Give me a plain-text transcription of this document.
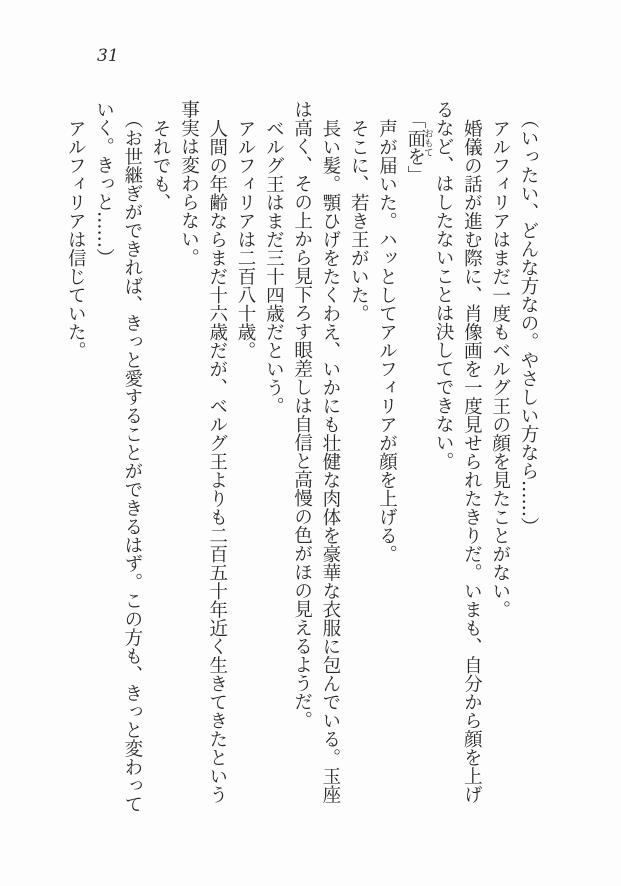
31

（いったい、どんな方なの。やさしい方なら……）

アルフィリアはまだ一度もベルグ王の顔を見たことがない。

婚儀の話が進む際に、肖像画を一度見せられたきりだ。いまも、自分から顔を上げ
るなど、はしたないことは決してできない。

「面
おもて
を」

声が届いた。ハッとしてアルフィリアが顔を上げる。

そこに、若き王がいた。

長い髪。顎ひげをたくわえ、いかにも壮健な肉体を豪華な衣服に包んでいる。玉座
は高く、その上から見下ろす眼差しは自信と高慢の色がほの見えるようだ。

ベルグ王はまだ三十四歳だという。

アルフィリアは二百八十歳。

人間の年齢ならまだ十六歳だが、ベルグ王よりも二百五十年近く生きてきたという
事実は変わらない。

それでも、

（お世継ぎができれば、きっと愛することができるはず。この方も、きっと変わって
いく。きっと……）

アルフィリアは信じていた。
